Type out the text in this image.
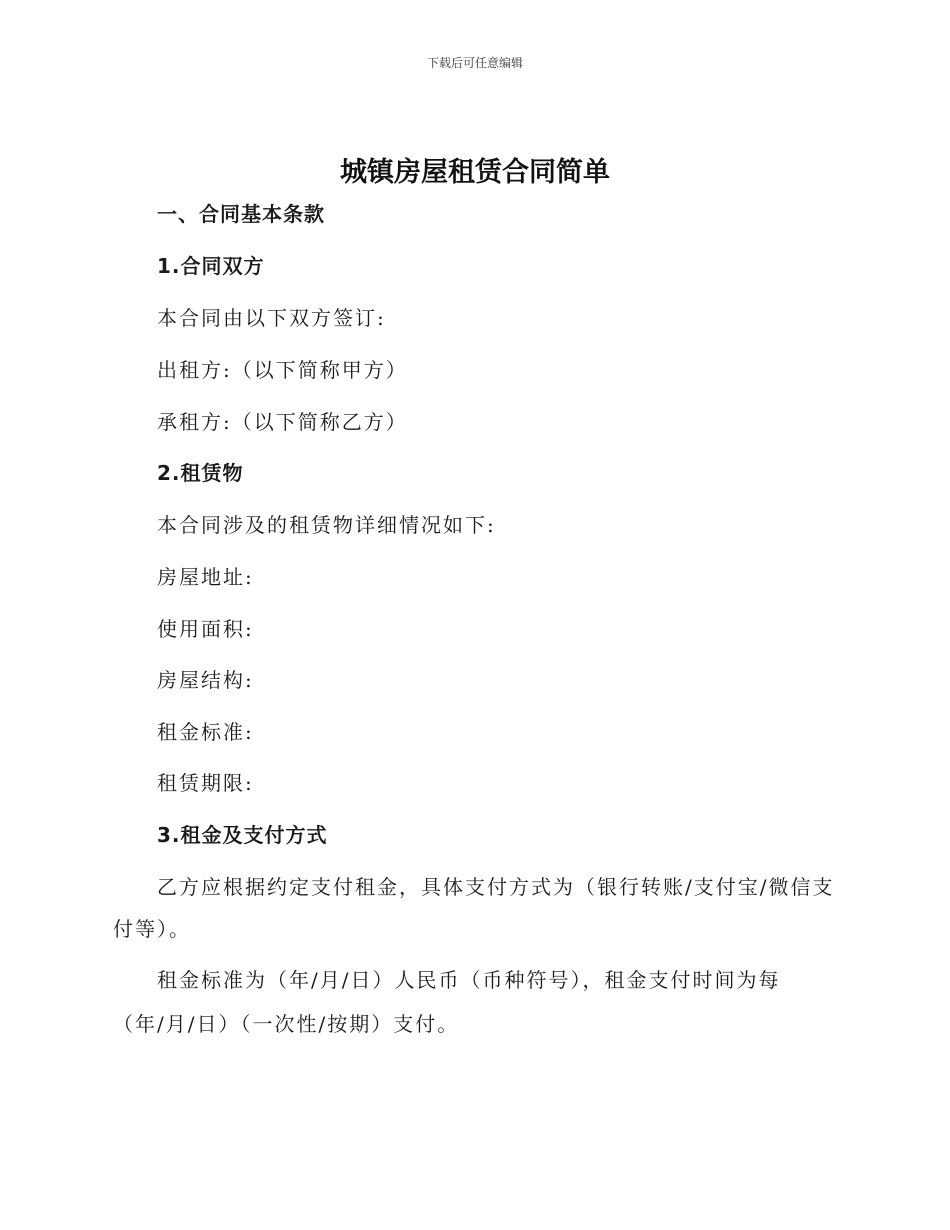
下载后可任意编辑
城镇房屋租赁合同简单
一、合同基本条款
1.合同双方
本合同由以下双方签订:
出租方:（以下简称甲方）
承租方:（以下简称乙方）
2.租赁物
本合同涉及的租赁物详细情况如下:
房屋地址:
使用面积:
房屋结构:
租金标准:
租赁期限:
3.租金及支付方式
乙方应根据约定支付租金，具体支付方式为（银行转账/支付宝/微信支
付等）。
租金标准为（年/月/日）人民币（币种符号），租金支付时间为每
（年/月/日）（一次性/按期）支付。
